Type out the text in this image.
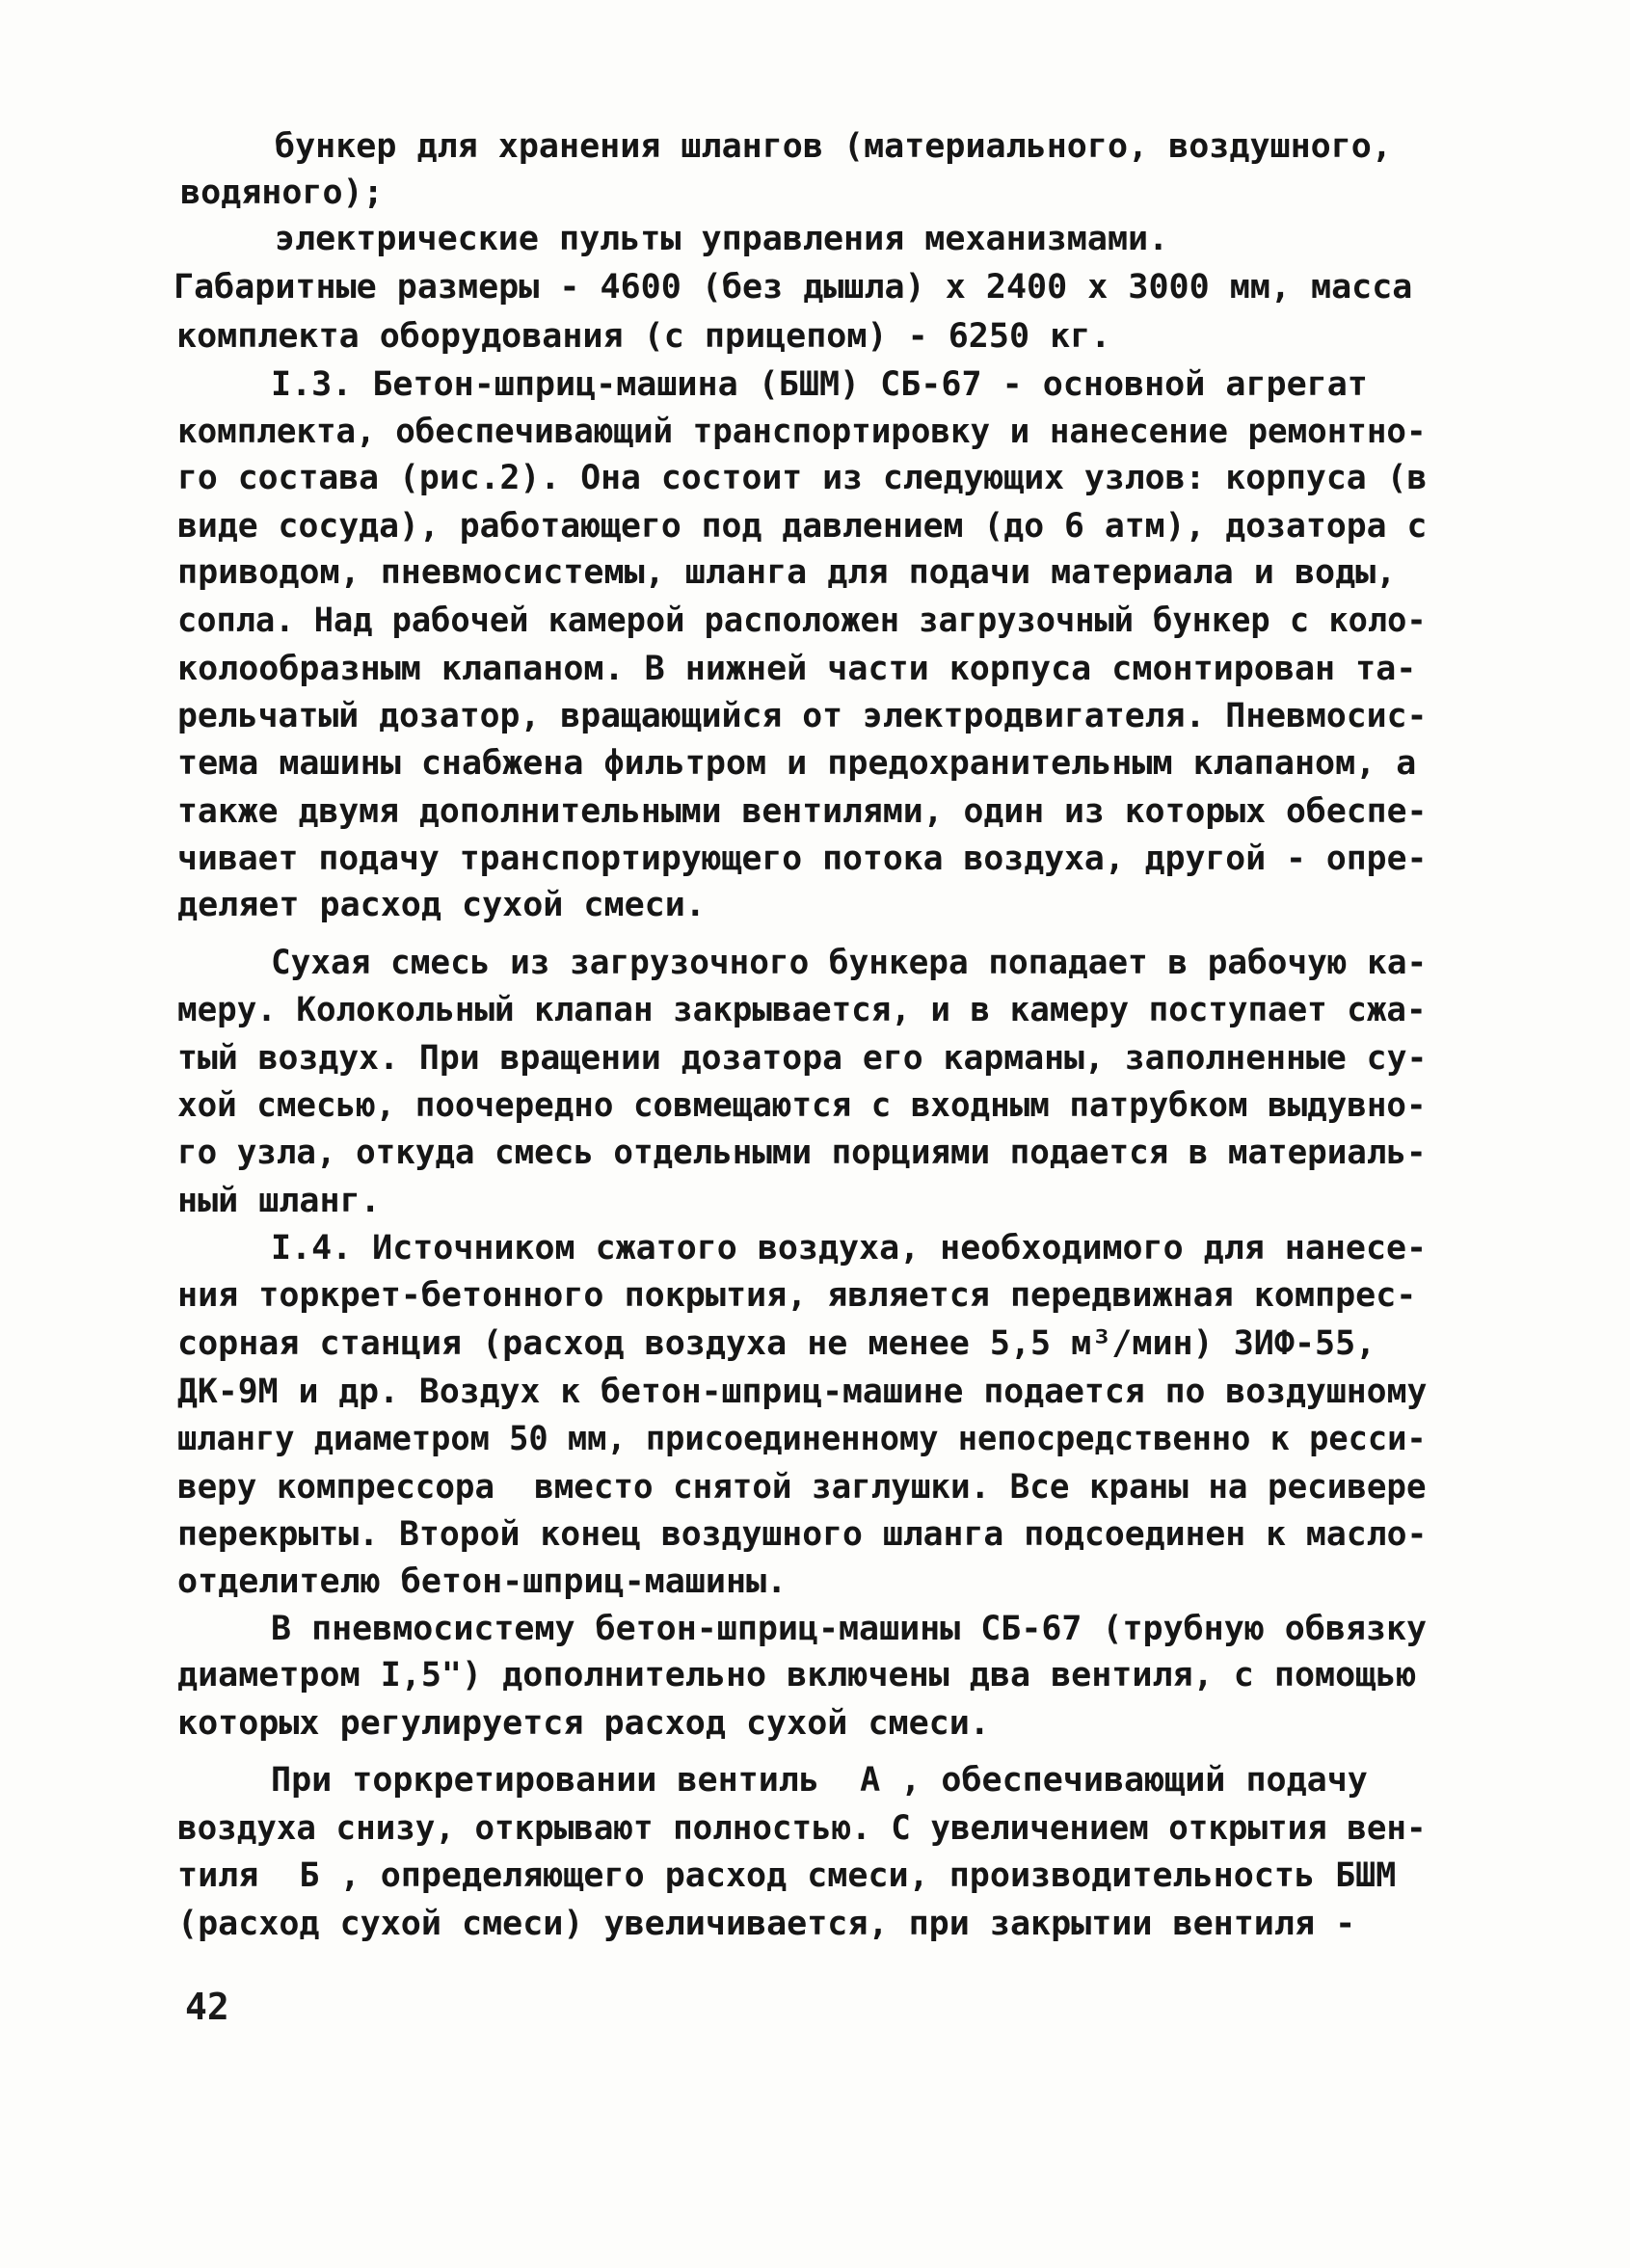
бункер для хранения шлангов (материального, воздушного,
водяного);
электрические пульты управления механизмами.
Габаритные размеры - 4600 (без дышла) х 2400 х 3000 мм, масса
комплекта оборудования (с прицепом) - 6250 кг.
I.3. Бетон-шприц-машина (БШМ) СБ-67 - основной агрегат
комплекта, обеспечивающий транспортировку и нанесение ремонтно-
го состава (рис.2). Она состоит из следующих узлов: корпуса (в
виде сосуда), работающего под давлением (до 6 атм), дозатора с
приводом, пневмосистемы, шланга для подачи материала и воды,
сопла. Над рабочей камерой расположен загрузочный бункер с коло-
колообразным клапаном. В нижней части корпуса смонтирован та-
рельчатый дозатор, вращающийся от электродвигателя. Пневмосис-
тема машины снабжена фильтром и предохранительным клапаном, а
также двумя дополнительными вентилями, один из которых обеспе-
чивает подачу транспортирующего потока воздуха, другой - опре-
деляет расход сухой смеси.
Сухая смесь из загрузочного бункера попадает в рабочую ка-
меру. Колокольный клапан закрывается, и в камеру поступает сжа-
тый воздух. При вращении дозатора его карманы, заполненные су-
хой смесью, поочередно совмещаются с входным патрубком выдувно-
го узла, откуда смесь отдельными порциями подается в материаль-
ный шланг.
I.4. Источником сжатого воздуха, необходимого для нанесе-
ния торкрет-бетонного покрытия, является передвижная компрес-
сорная станция (расход воздуха не менее 5,5 м³/мин) ЗИФ-55,
ДК-9М и др. Воздух к бетон-шприц-машине подается по воздушному
шлангу диаметром 50 мм, присоединенному непосредственно к ресси-
веру компрессора  вместо снятой заглушки. Все краны на ресивере
перекрыты. Второй конец воздушного шланга подсоединен к масло-
отделителю бетон-шприц-машины.
В пневмосистему бетон-шприц-машины СБ-67 (трубную обвязку
диаметром I,5") дополнительно включены два вентиля, с помощью
которых регулируется расход сухой смеси.
При торкретировании вентиль  А , обеспечивающий подачу
воздуха снизу, открывают полностью. С увеличением открытия вен-
тиля  Б , определяющего расход смеси, производительность БШМ
(расход сухой смеси) увеличивается, при закрытии вентиля -
42
